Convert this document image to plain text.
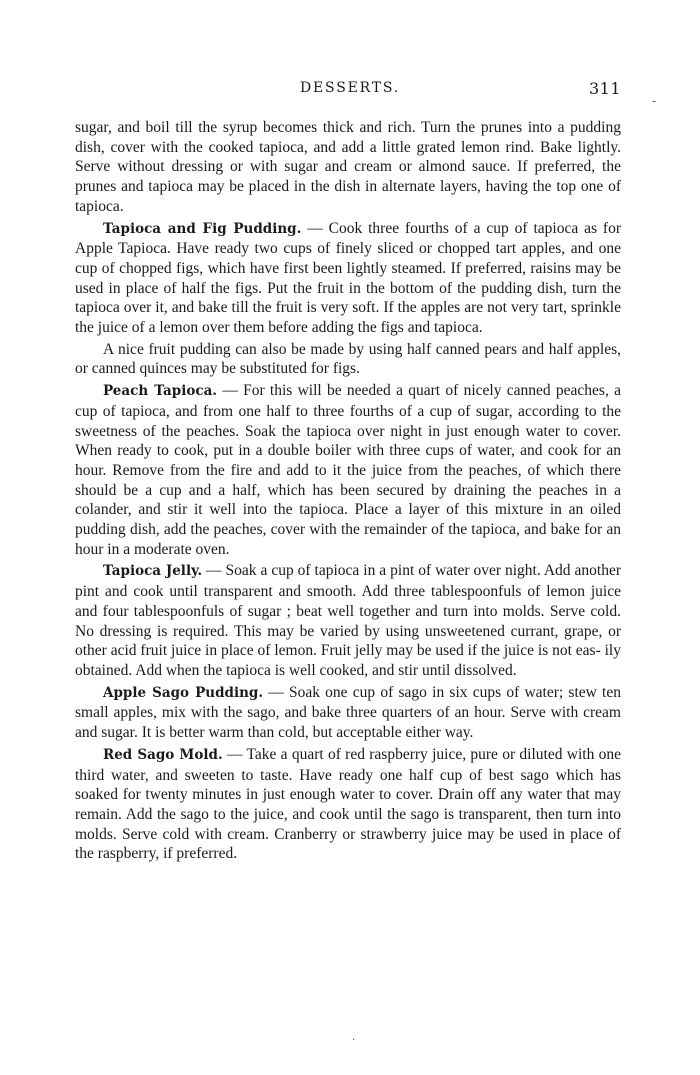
DESSERTS.	311
-

sugar, and boil till the syrup becomes thick and rich. Turn the prunes into a pudding dish, cover with the cooked tapioca, and add a little grated lemon rind. Bake lightly. Serve without dressing or with sugar and cream or almond sauce. If preferred, the prunes and tapioca may be placed in the dish in alternate layers, having the top one of tapioca.

Tapioca and Fig Pudding. — Cook three fourths of a cup of tapioca as for Apple Tapioca. Have ready two cups of finely sliced or chopped tart apples, and one cup of chopped figs, which have first been lightly steamed. If preferred, raisins may be used in place of half the figs. Put the fruit in the bottom of the pudding dish, turn the tapioca over it, and bake till the fruit is very soft. If the apples are not very tart, sprinkle the juice of a lemon over them before adding the figs and tapioca.

A nice fruit pudding can also be made by using half canned pears and half apples, or canned quinces may be substituted for figs.

Peach Tapioca. — For this will be needed a quart of nicely canned peaches, a cup of tapioca, and from one half to three fourths of a cup of sugar, according to the sweetness of the peaches. Soak the tapioca over night in just enough water to cover. When ready to cook, put in a double boiler with three cups of water, and cook for an hour. Remove from the fire and add to it the juice from the peaches, of which there should be a cup and a half, which has been secured by draining the peaches in a colander, and stir it well into the tapioca. Place a layer of this mixture in an oiled pudding dish, add the peaches, cover with the remainder of the tapioca, and bake for an hour in a moderate oven.

Tapioca Jelly. — Soak a cup of tapioca in a pint of water over night. Add another pint and cook until transparent and smooth. Add three tablespoonfuls of lemon juice and four tablespoonfuls of sugar ; beat well together and turn into molds. Serve cold. No dressing is required. This may be varied by using unsweetened currant, grape, or other acid fruit juice in place of lemon. Fruit jelly may be used if the juice is not eas- ily obtained. Add when the tapioca is well cooked, and stir until dissolved.

Apple Sago Pudding. — Soak one cup of sago in six cups of water; stew ten small apples, mix with the sago, and bake three quarters of an hour. Serve with cream and sugar. It is better warm than cold, but acceptable either way.

Red Sago Mold. — Take a quart of red raspberry juice, pure or diluted with one third water, and sweeten to taste. Have ready one half cup of best sago which has soaked for twenty minutes in just enough water to cover. Drain off any water that may remain. Add the sago to the juice, and cook until the sago is transparent, then turn into molds. Serve cold with cream. Cranberry or strawberry juice may be used in place of the raspberry, if preferred.

·
